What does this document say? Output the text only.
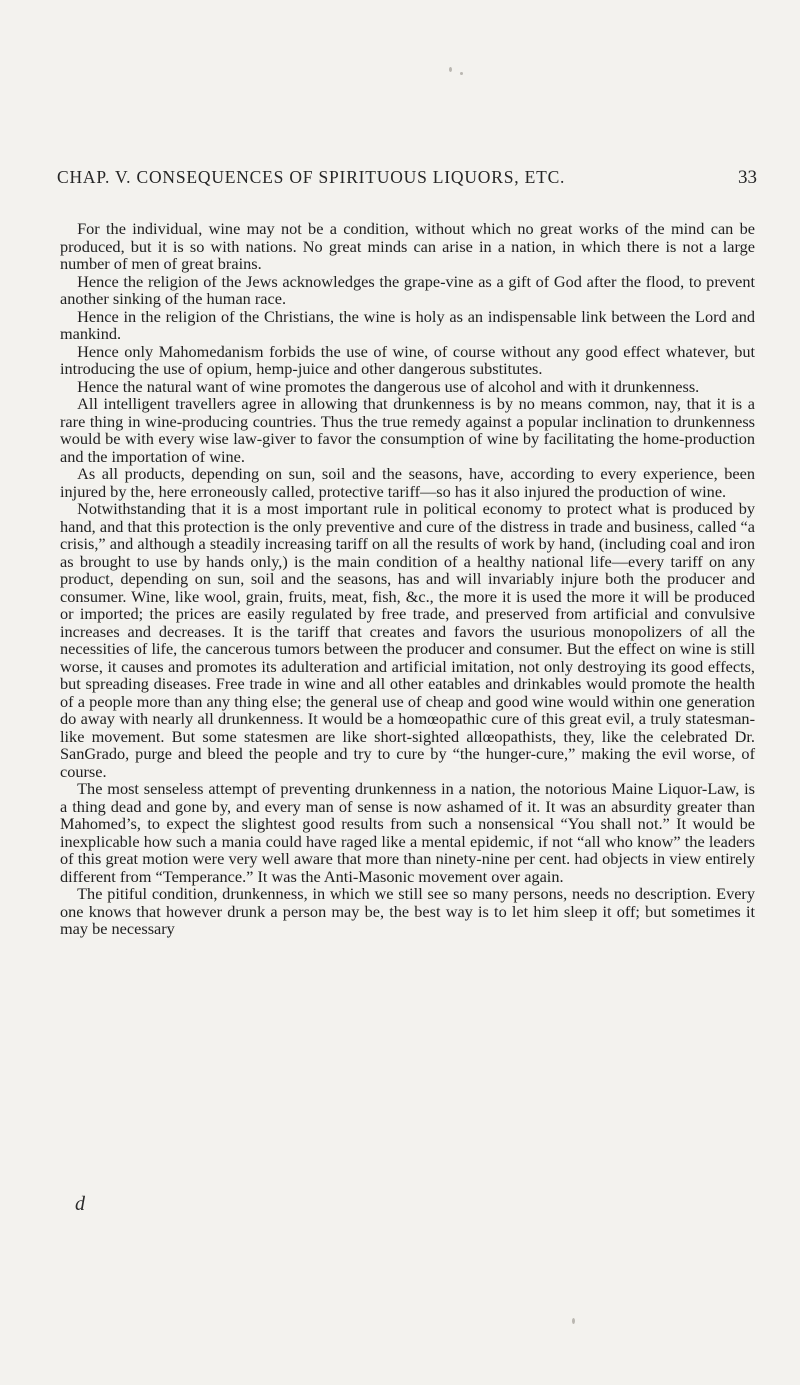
CHAP. V. CONSEQUENCES OF SPIRITUOUS LIQUORS, ETC.	33

For the individual, wine may not be a condition, without which no great works of the mind can be produced, but it is so with nations. No great minds can arise in a nation, in which there is not a large number of men of great brains.

Hence the religion of the Jews acknowledges the grape-vine as a gift of God after the flood, to prevent another sinking of the human race.

Hence in the religion of the Christians, the wine is holy as an indispensable link between the Lord and mankind.

Hence only Mahomedanism forbids the use of wine, of course without any good effect whatever, but introducing the use of opium, hemp-juice and other dangerous substitutes.

Hence the natural want of wine promotes the dangerous use of alcohol and with it drunkenness.

All intelligent travellers agree in allowing that drunkenness is by no means common, nay, that it is a rare thing in wine-producing countries. Thus the true remedy against a popular inclination to drunkenness would be with every wise law-giver to favor the consumption of wine by facilitating the home-production and the importation of wine.

As all products, depending on sun, soil and the seasons, have, according to every experience, been injured by the, here erroneously called, protective tariff—so has it also injured the production of wine.

Notwithstanding that it is a most important rule in political economy to protect what is produced by hand, and that this protection is the only preventive and cure of the distress in trade and business, called “a crisis,” and although a steadily increasing tariff on all the results of work by hand, (including coal and iron as brought to use by hands only,) is the main condition of a healthy national life—every tariff on any product, depending on sun, soil and the seasons, has and will invariably injure both the producer and consumer. Wine, like wool, grain, fruits, meat, fish, &c., the more it is used the more it will be produced or imported; the prices are easily regulated by free trade, and preserved from artificial and convulsive increases and decreases. It is the tariff that creates and favors the usurious monopolizers of all the necessities of life, the cancerous tumors between the producer and consumer. But the effect on wine is still worse, it causes and promotes its adulteration and artificial imitation, not only destroying its good effects, but spreading diseases. Free trade in wine and all other eatables and drinkables would promote the health of a people more than any thing else; the general use of cheap and good wine would within one generation do away with nearly all drunkenness. It would be a homœopathic cure of this great evil, a truly statesman-like movement. But some statesmen are like short-sighted allœopathists, they, like the celebrated Dr. SanGrado, purge and bleed the people and try to cure by “the hunger-cure,” making the evil worse, of course.

The most senseless attempt of preventing drunkenness in a nation, the notorious Maine Liquor-Law, is a thing dead and gone by, and every man of sense is now ashamed of it. It was an absurdity greater than Mahomed’s, to expect the slightest good results from such a nonsensical “You shall not.” It would be inexplicable how such a mania could have raged like a mental epidemic, if not “all who know” the leaders of this great motion were very well aware that more than ninety-nine per cent. had objects in view entirely different from “Temperance.” It was the Anti-Masonic movement over again.

The pitiful condition, drunkenness, in which we still see so many persons, needs no description. Every one knows that however drunk a person may be, the best way is to let him sleep it off; but sometimes it may be necessary

d
